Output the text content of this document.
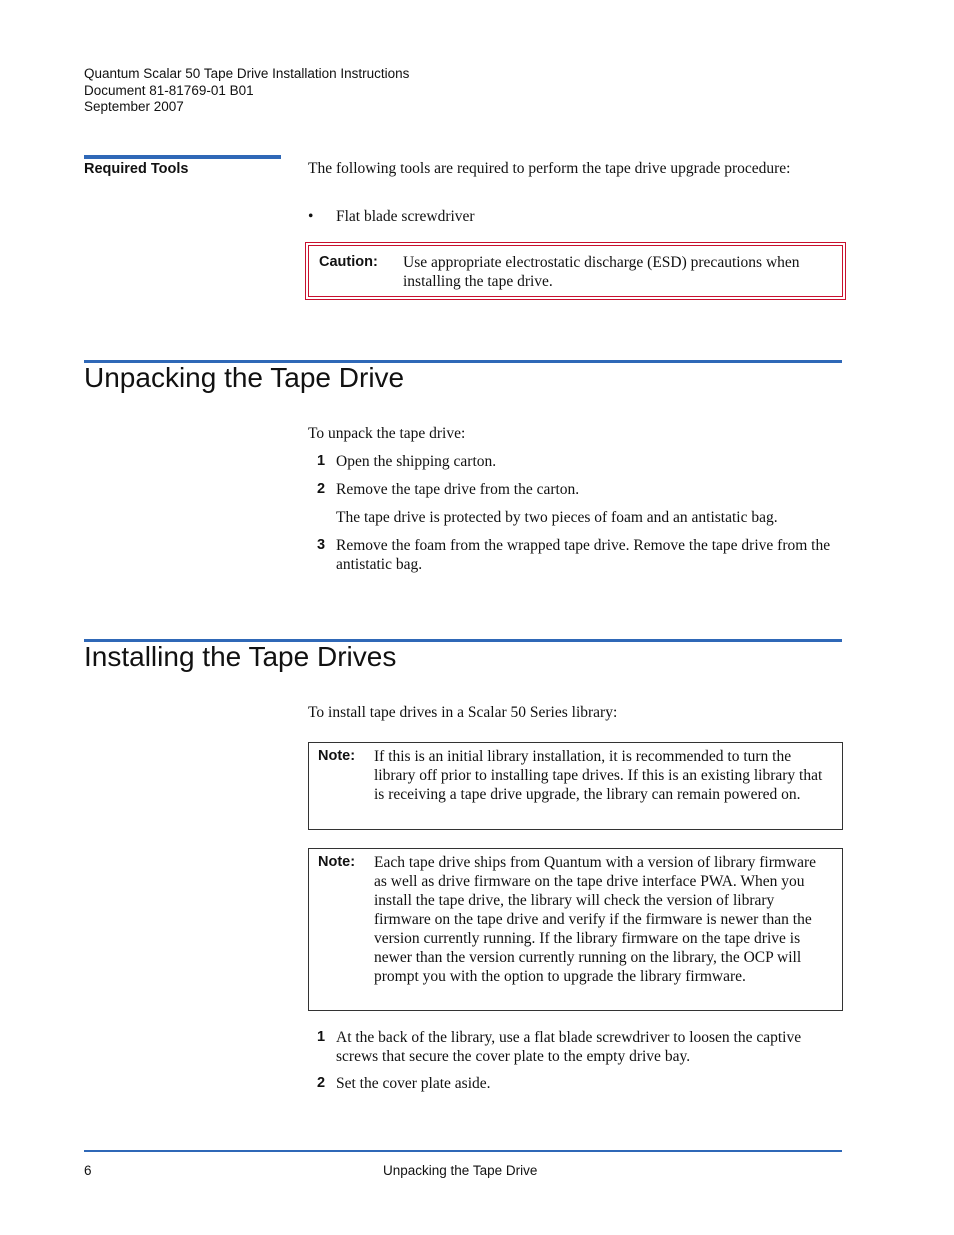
Quantum Scalar 50 Tape Drive Installation Instructions
Document 81-81769-01 B01
September 2007
Required Tools	The following tools are required to perform the tape drive upgrade procedure:
•	Flat blade screwdriver
Caution: Use appropriate electrostatic discharge (ESD) precautions when installing the tape drive.
Unpacking the Tape Drive
To unpack the tape drive:
1 Open the shipping carton.
2 Remove the tape drive from the carton.
The tape drive is protected by two pieces of foam and an antistatic bag.
3 Remove the foam from the wrapped tape drive. Remove the tape drive from the antistatic bag.
Installing the Tape Drives
To install tape drives in a Scalar 50 Series library:
Note: If this is an initial library installation, it is recommended to turn the library off prior to installing tape drives. If this is an existing library that is receiving a tape drive upgrade, the library can remain powered on.
Note: Each tape drive ships from Quantum with a version of library firmware as well as drive firmware on the tape drive interface PWA. When you install the tape drive, the library will check the version of library firmware on the tape drive and verify if the firmware is newer than the version currently running. If the library firmware on the tape drive is newer than the version currently running on the library, the OCP will prompt you with the option to upgrade the library firmware.
1 At the back of the library, use a flat blade screwdriver to loosen the captive screws that secure the cover plate to the empty drive bay.
2 Set the cover plate aside.
6	Unpacking the Tape Drive
